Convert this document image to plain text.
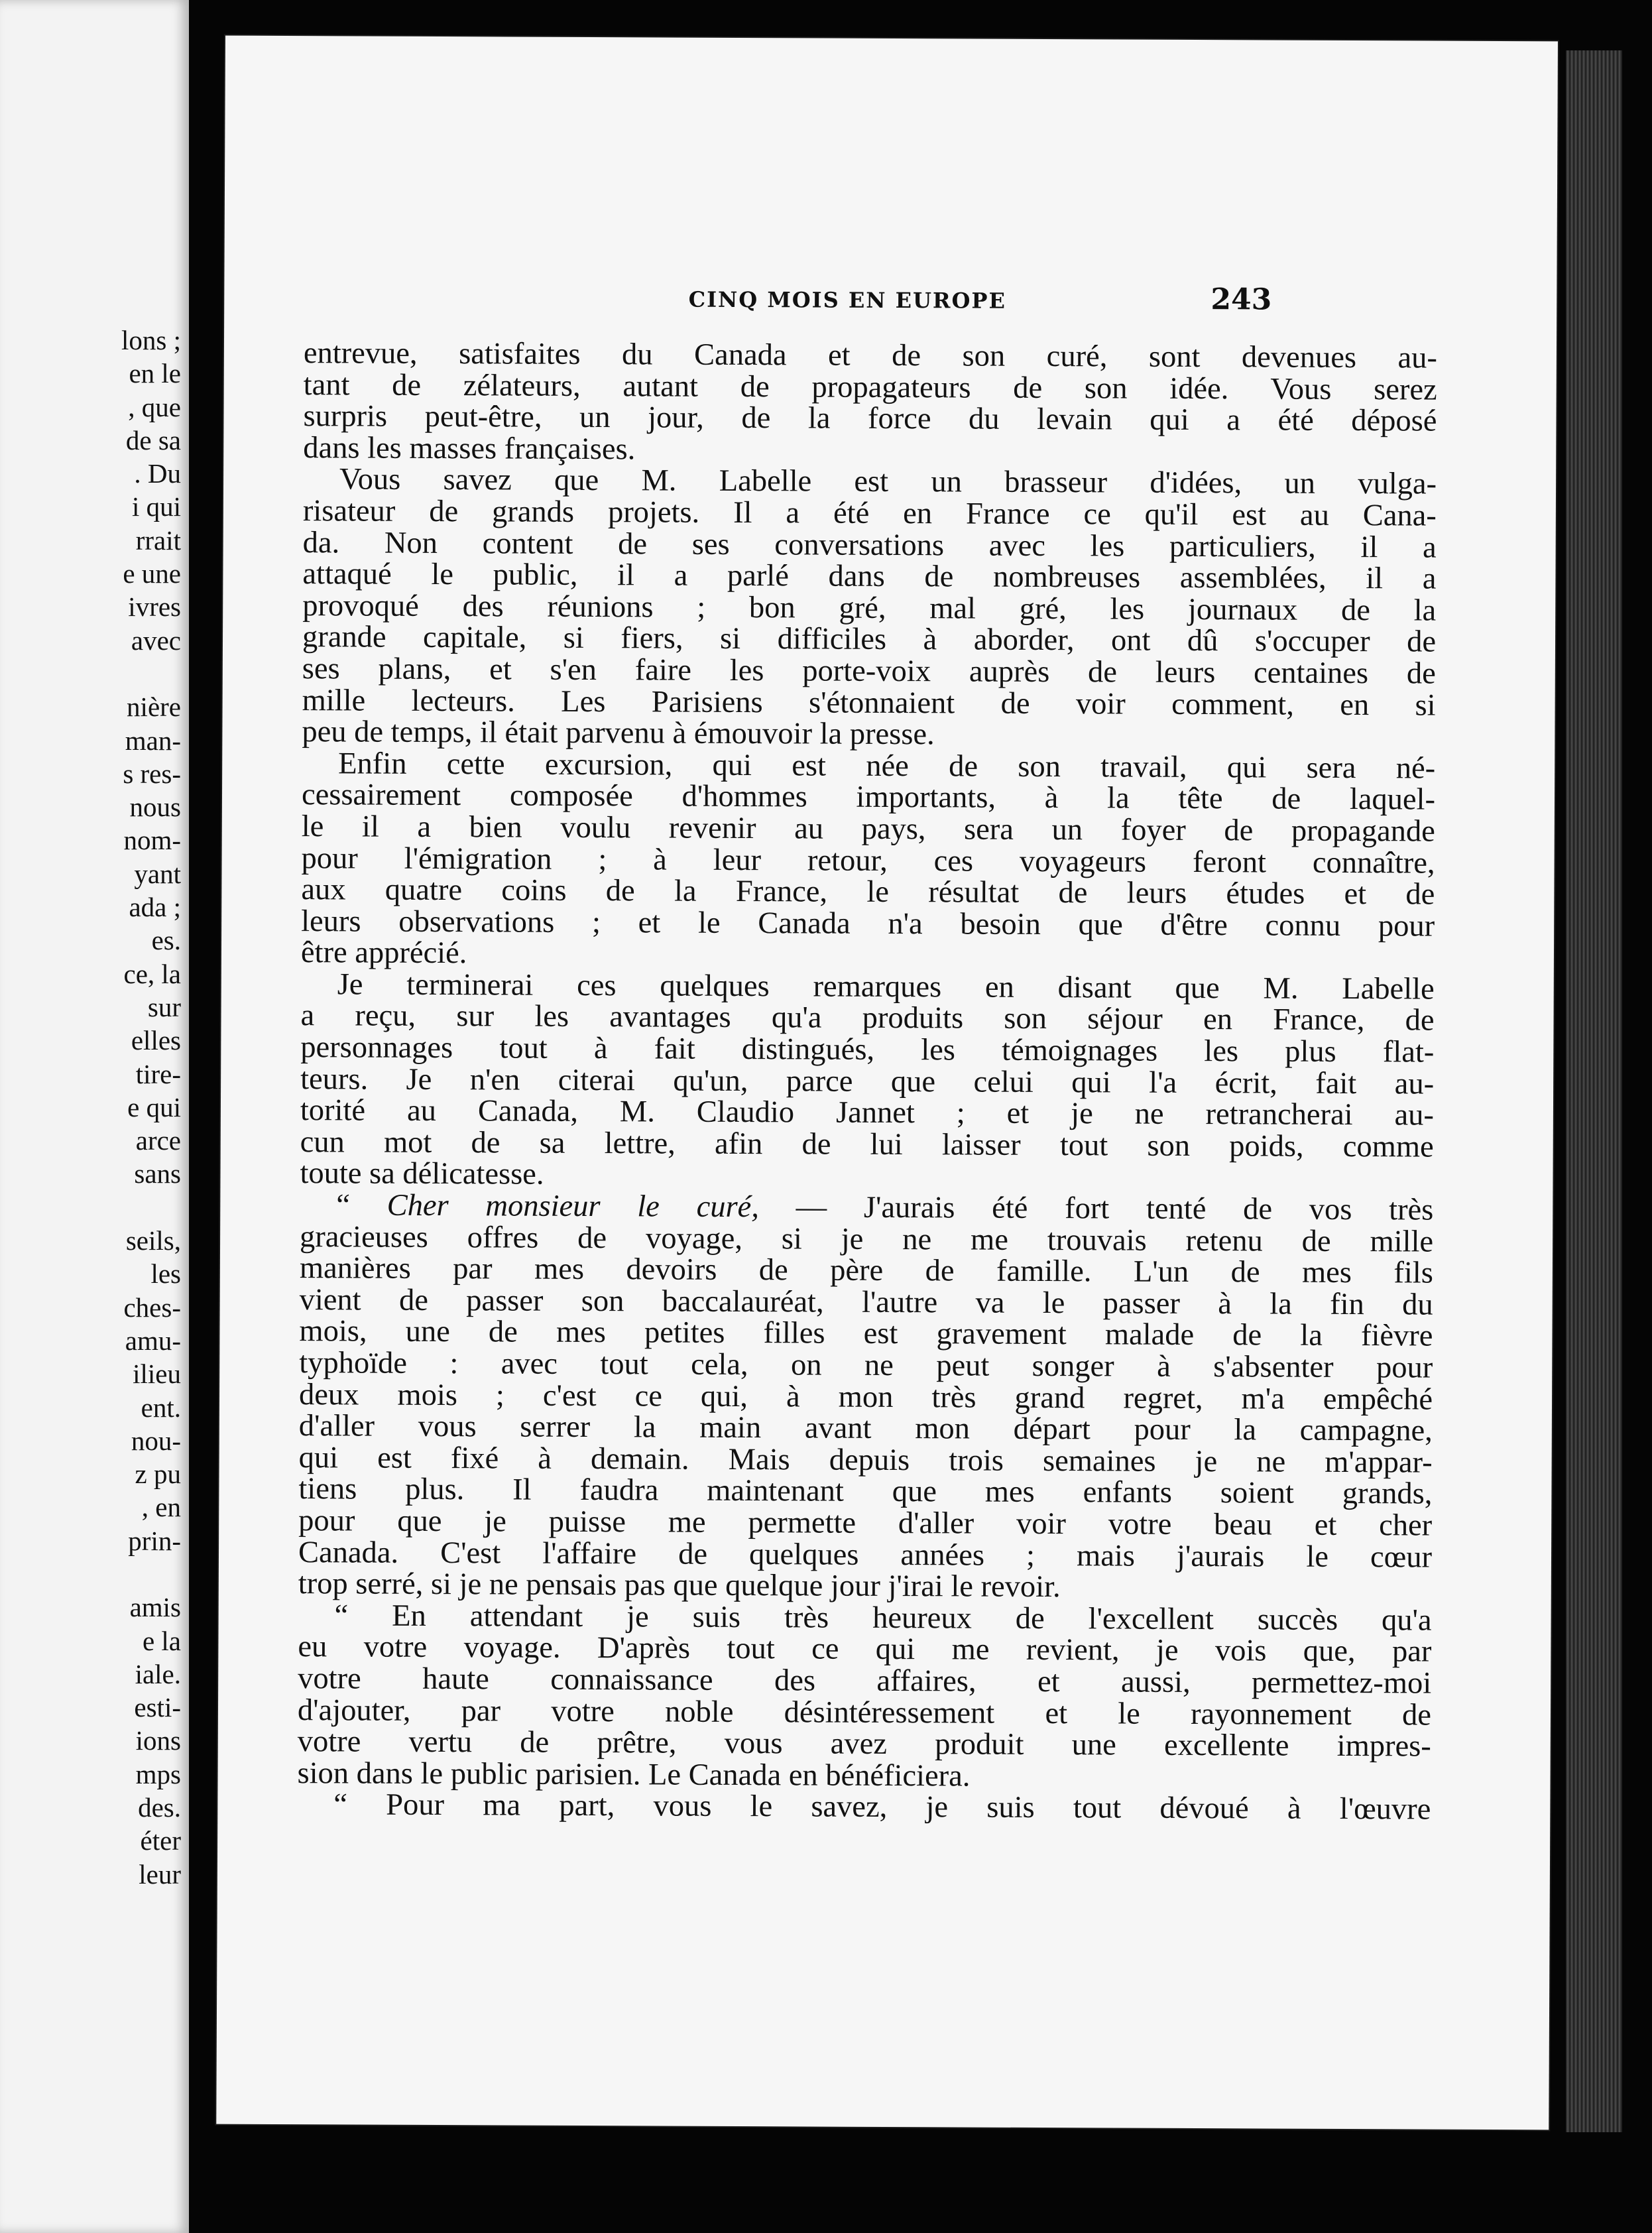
lons ;
en le
, que
de sa
. Du
i qui
rrait
e une
ivres
avec
nière
man-
s res-
nous
nom-
yant
ada ;
es.
ce, la
sur
elles
tire-
e qui
arce
sans
seils,
les
ches-
amu-
ilieu
ent.
nou-
z pu
, en
prin-
amis
e la
iale.
esti-
ions
mps
des.
éter
leur
CINQ MOIS EN EUROPE	243
entrevue, satisfaites du Canada et de son curé, sont devenues au-
tant de zélateurs, autant de propagateurs de son idée. Vous serez
surpris peut-être, un jour, de la force du levain qui a été déposé
dans les masses françaises.
Vous savez que M. Labelle est un brasseur d'idées, un vulga-
risateur de grands projets. Il a été en France ce qu'il est au Cana-
da. Non content de ses conversations avec les particuliers, il a
attaqué le public, il a parlé dans de nombreuses assemblées, il a
provoqué des réunions ; bon gré, mal gré, les journaux de la
grande capitale, si fiers, si difficiles à aborder, ont dû s'occuper de
ses plans, et s'en faire les porte-voix auprès de leurs centaines de
mille lecteurs. Les Parisiens s'étonnaient de voir comment, en si
peu de temps, il était parvenu à émouvoir la presse.
Enfin cette excursion, qui est née de son travail, qui sera né-
cessairement composée d'hommes importants, à la tête de laquel-
le il a bien voulu revenir au pays, sera un foyer de propagande
pour l'émigration ; à leur retour, ces voyageurs feront connaître,
aux quatre coins de la France, le résultat de leurs études et de
leurs observations ; et le Canada n'a besoin que d'être connu pour
être apprécié.
Je terminerai ces quelques remarques en disant que M. Labelle
a reçu, sur les avantages qu'a produits son séjour en France, de
personnages tout à fait distingués, les témoignages les plus flat-
teurs. Je n'en citerai qu'un, parce que celui qui l'a écrit, fait au-
torité au Canada, M. Claudio Jannet ; et je ne retrancherai au-
cun mot de sa lettre, afin de lui laisser tout son poids, comme
toute sa délicatesse.
“ Cher monsieur le curé, — J'aurais été fort tenté de vos très
gracieuses offres de voyage, si je ne me trouvais retenu de mille
manières par mes devoirs de père de famille. L'un de mes fils
vient de passer son baccalauréat, l'autre va le passer à la fin du
mois, une de mes petites filles est gravement malade de la fièvre
typhoïde : avec tout cela, on ne peut songer à s'absenter pour
deux mois ; c'est ce qui, à mon très grand regret, m'a empêché
d'aller vous serrer la main avant mon départ pour la campagne,
qui est fixé à demain. Mais depuis trois semaines je ne m'appar-
tiens plus. Il faudra maintenant que mes enfants soient grands,
pour que je puisse me permette d'aller voir votre beau et cher
Canada. C'est l'affaire de quelques années ; mais j'aurais le cœur
trop serré, si je ne pensais pas que quelque jour j'irai le revoir.
“ En attendant je suis très heureux de l'excellent succès qu'a
eu votre voyage. D'après tout ce qui me revient, je vois que, par
votre haute connaissance des affaires, et aussi, permettez-moi
d'ajouter, par votre noble désintéressement et le rayonnement de
votre vertu de prêtre, vous avez produit une excellente impres-
sion dans le public parisien. Le Canada en bénéficiera.
“ Pour ma part, vous le savez, je suis tout dévoué à l'œuvre
